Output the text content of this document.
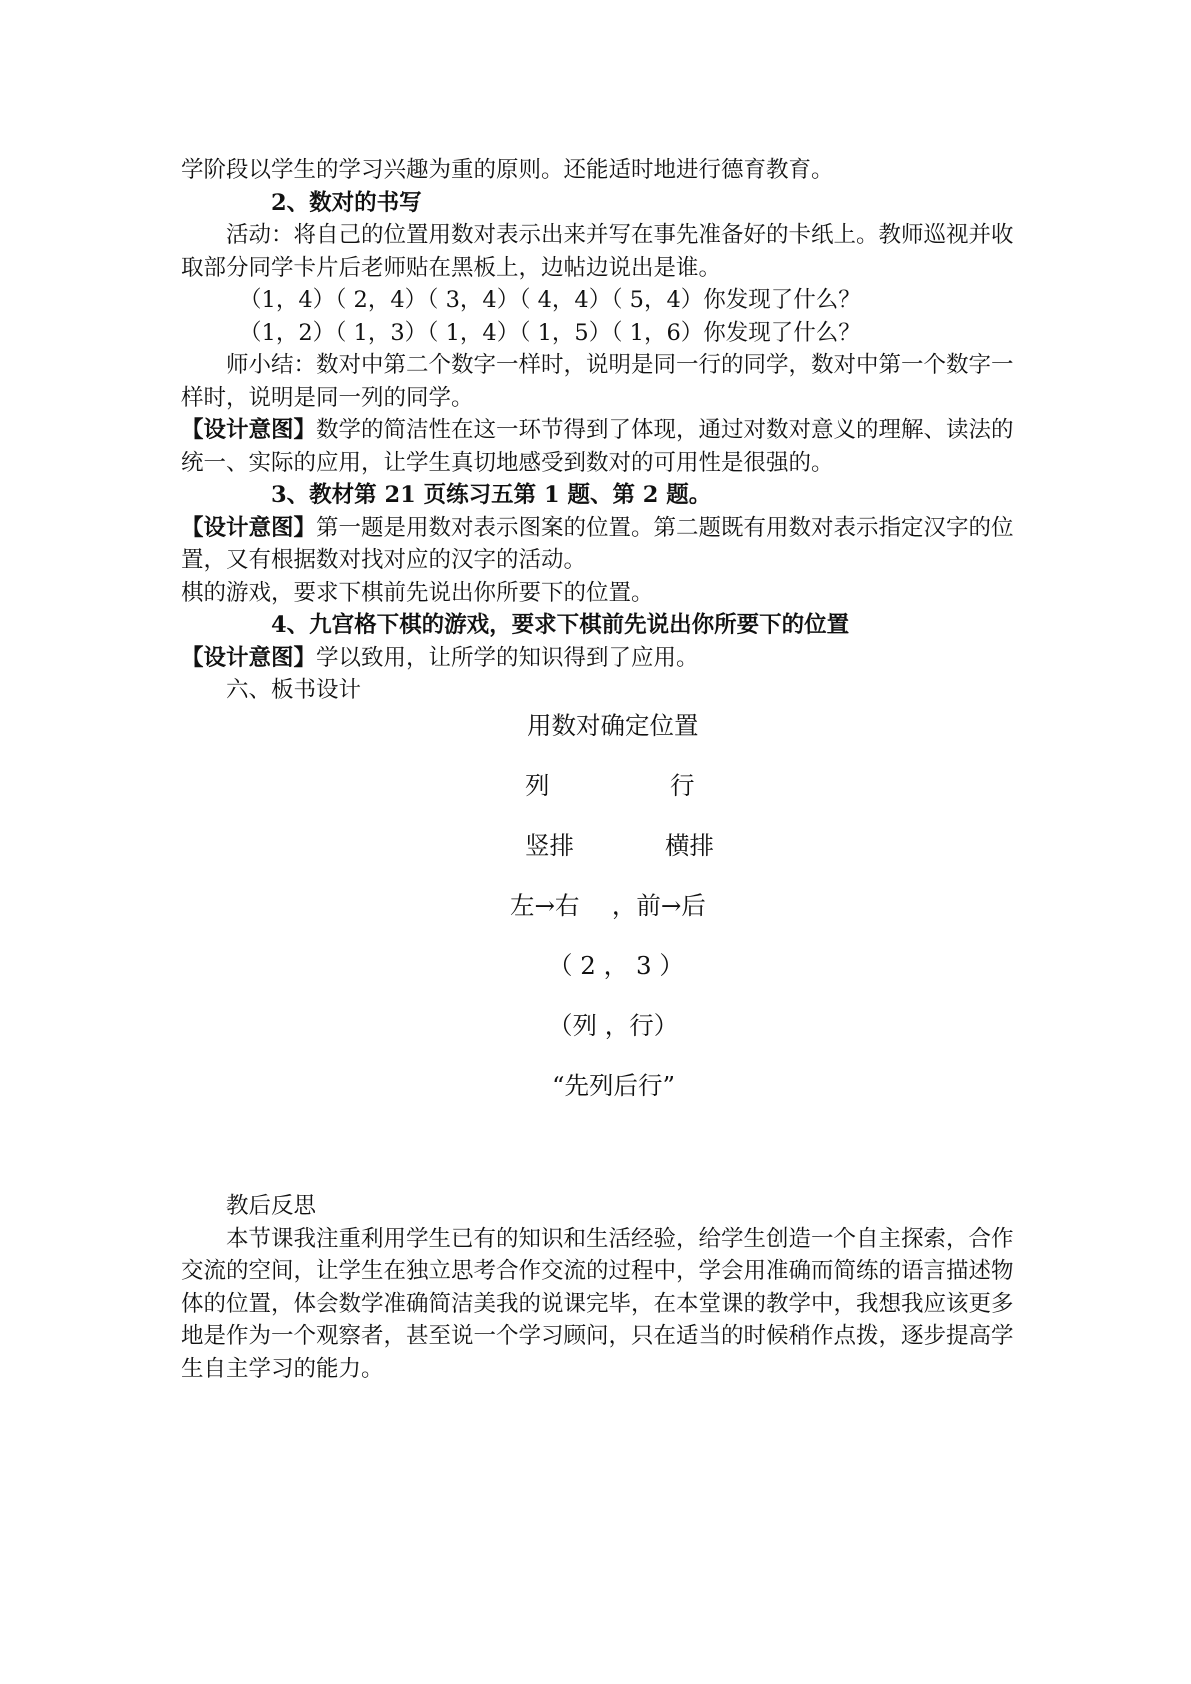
学阶段以学生的学习兴趣为重的原则。还能适时地进行德育教育。

2、数对的书写

活动：将自己的位置用数对表示出来并写在事先准备好的卡纸上。教师巡视并收取部分同学卡片后老师贴在黑板上，边帖边说出是谁。

（1，4）（ 2，4）（ 3，4）（ 4，4）（ 5，4）你发现了什么？

（1，2）（ 1，3）（ 1，4）（ 1，5）（ 1，6）你发现了什么？

师小结：数对中第二个数字一样时，说明是同一行的同学，数对中第一个数字一样时，说明是同一列的同学。

【设计意图】数学的简洁性在这一环节得到了体现，通过对数对意义的理解、读法的统一、实际的应用，让学生真切地感受到数对的可用性是很强的。

3、教材第 21 页练习五第 1 题、第 2 题。

【设计意图】第一题是用数对表示图案的位置。第二题既有用数对表示指定汉字的位置，又有根据数对找对应的汉字的活动。

棋的游戏，要求下棋前先说出你所要下的位置。

4、九宫格下棋的游戏，要求下棋前先说出你所要下的位置

【设计意图】学以致用，让所学的知识得到了应用。

六、板书设计

用数对确定位置
列	行
竖排	横排
左→右　 ，前→后
（ 2 ， 3 ）
（列 ，行）
“先列后行”

教后反思

本节课我注重利用学生已有的知识和生活经验，给学生创造一个自主探索，合作交流的空间，让学生在独立思考合作交流的过程中，学会用准确而简练的语言描述物体的位置，体会数学准确简洁美我的说课完毕，在本堂课的教学中，我想我应该更多地是作为一个观察者，甚至说一个学习顾问，只在适当的时候稍作点拨，逐步提高学生自主学习的能力。
